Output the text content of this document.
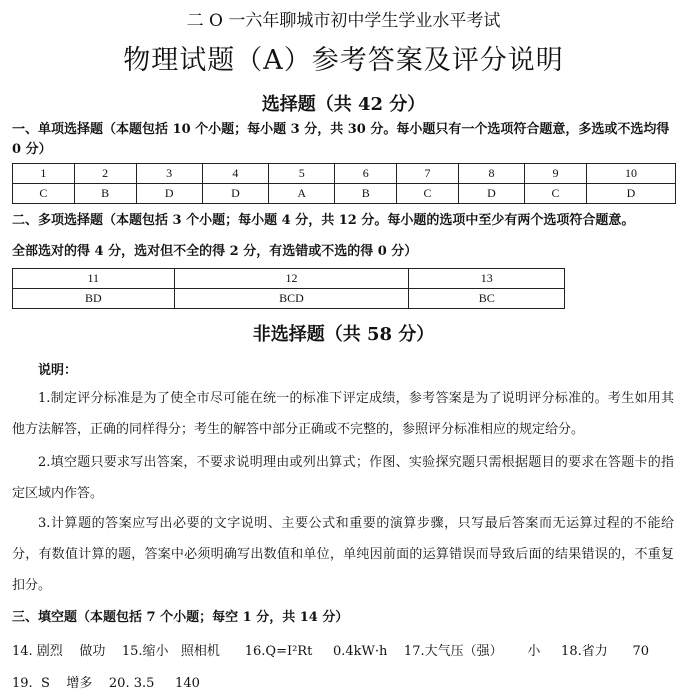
二 O 一六年聊城市初中学生学业水平考试
物理试题（A）参考答案及评分说明
选择题（共 42 分）
一、单项选择题（本题包括 10 个小题；每小题 3 分，共 30 分。每小题只有一个选项符合题意，多选或不选均得 0 分）
1	2	3	4	5	6	7	8	9	10
C	B	D	D	A	B	C	D	C	D
二、多项选择题（本题包括 3 个小题；每小题 4 分，共 12 分。每小题的选项中至少有两个选项符合题意。
全部选对的得 4 分，选对但不全的得 2 分，有选错或不选的得 0 分）
11	12	13
BD	BCD	BC
非选择题（共 58 分）
说明：
1.制定评分标准是为了使全市尽可能在统一的标准下评定成绩，参考答案是为了说明评分标准的。考生如用其他方法解答，正确的同样得分；考生的解答中部分正确或不完整的，参照评分标准相应的规定给分。
2.填空题只要求写出答案，不要求说明理由或列出算式；作图、实验探究题只需根据题目的要求在答题卡的指定区域内作答。
3.计算题的答案应写出必要的文字说明、主要公式和重要的演算步骤，只写最后答案而无运算过程的不能给分，有数值计算的题，答案中必须明确写出数值和单位，单纯因前面的运算错误而导致后面的结果错误的，不重复扣分。
三、填空题（本题包括 7 个小题；每空 1 分，共 14 分）
14. 剧烈    做功    15.缩小   照相机      16.Q=I²Rt     0.4kW·h    17.大气压（强）      小     18.省力      70
19.  S    增多    20. 3.5     140
